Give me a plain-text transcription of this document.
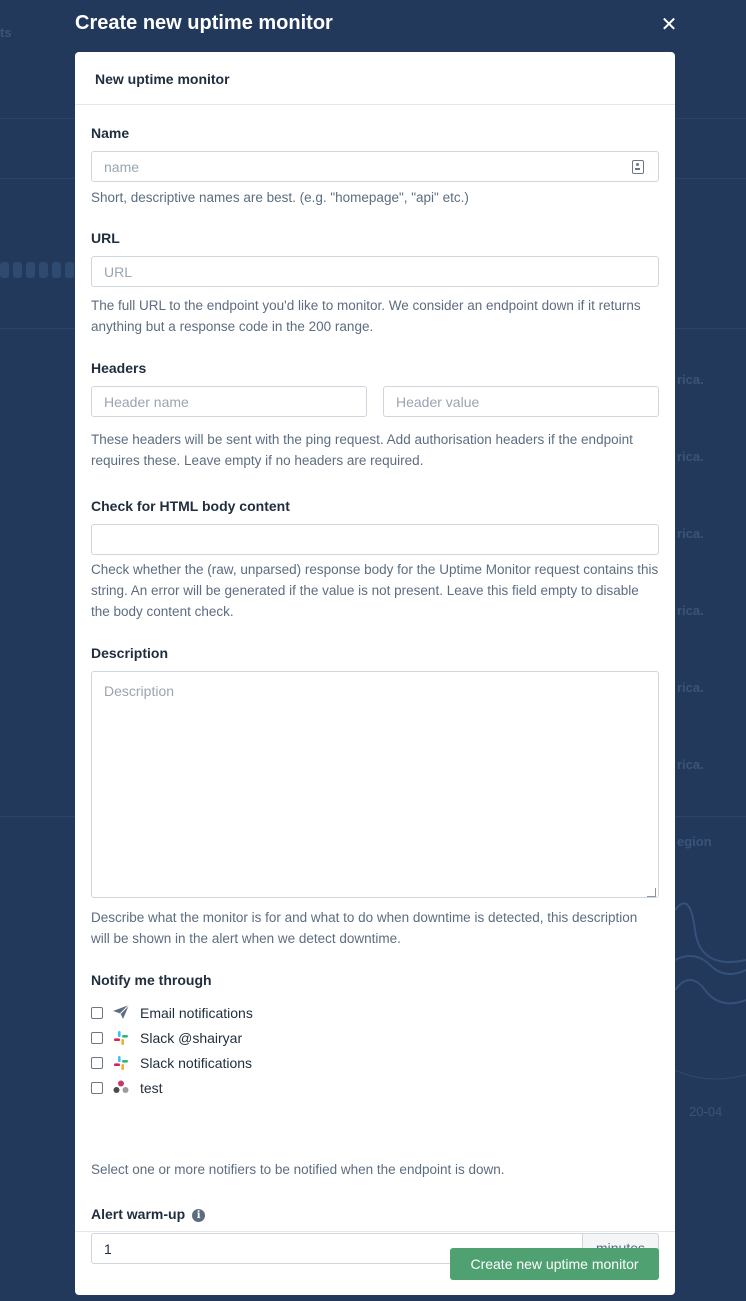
ts
rica.
rica.
rica.
rica.
rica.
rica.
egion
20-04
Create new uptime monitor	✕
New uptime monitor
Name
name
Short, descriptive names are best. (e.g. "homepage", "api" etc.)
URL
URL
The full URL to the endpoint you'd like to monitor. We consider an endpoint down if it returns anything but a response code in the 200 range.
Headers
Header name
Header value
These headers will be sent with the ping request. Add authorisation headers if the endpoint requires these. Leave empty if no headers are required.
Check for HTML body content
Check whether the (raw, unparsed) response body for the Uptime Monitor request contains this string. An error will be generated if the value is not present. Leave this field empty to disable the body content check.
Description
Description
Describe what the monitor is for and what to do when downtime is detected, this description will be shown in the alert when we detect downtime.
Notify me through
Email notifications
Slack @shairyar
Slack notifications
test
Select one or more notifiers to be notified when the endpoint is down.
Alert warm-up i
1
Create new uptime monitor
